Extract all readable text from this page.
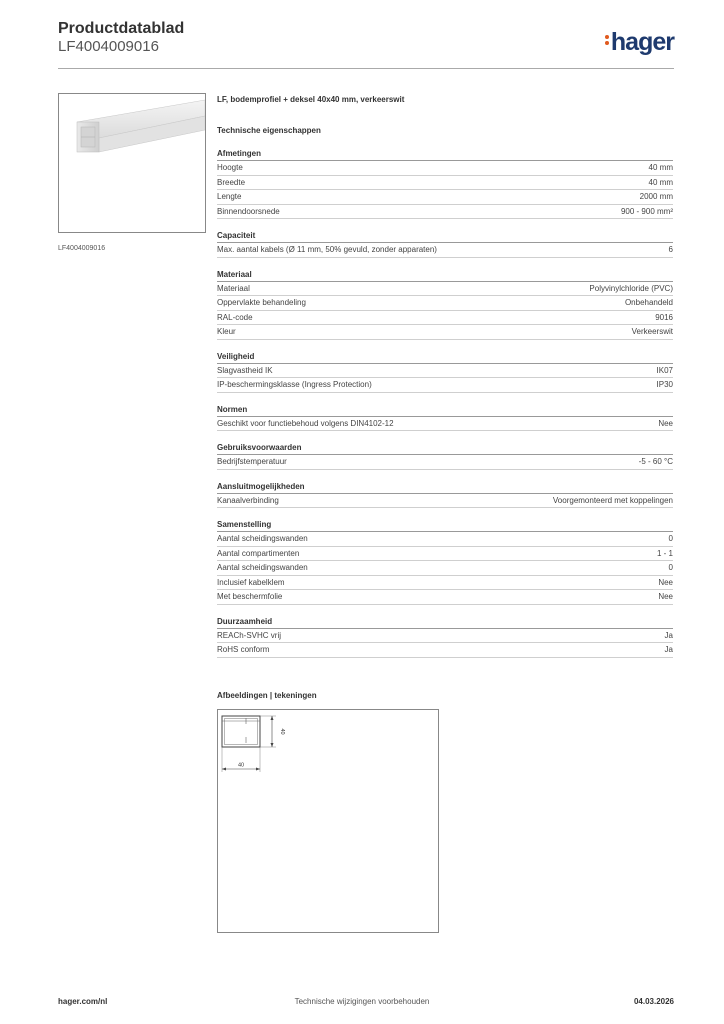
Productdatablad
LF4004009016	hager
LF4004009016
LF, bodemprofiel + deksel 40x40 mm, verkeerswit
Technische eigenschappen
Afmetingen
Hoogte	40 mm
Breedte	40 mm
Lengte	2000 mm
Binnendoorsnede	900 - 900 mm²
Capaciteit
Max. aantal kabels (Ø 11 mm, 50% gevuld, zonder apparaten)	6
Materiaal
Materiaal	Polyvinylchloride (PVC)
Oppervlakte behandeling	Onbehandeld
RAL-code	9016
Kleur	Verkeerswit
Veiligheid
Slagvastheid IK	IK07
IP-beschermingsklasse (Ingress Protection)	IP30
Normen
Geschikt voor functiebehoud volgens DIN4102-12	Nee
Gebruiksvoorwaarden
Bedrijfstemperatuur	-5 - 60 °C
Aansluitmogelijkheden
Kanaalverbinding	Voorgemonteerd met koppelingen
Samenstelling
Aantal scheidingswanden	0
Aantal compartimenten	1 - 1
Aantal scheidingswanden	0
Inclusief kabelklem	Nee
Met beschermfolie	Nee
Duurzaamheid
REACh-SVHC vrij	Ja
RoHS conform	Ja
Afbeeldingen | tekeningen
40
40
hager.com/nl	Technische wijzigingen voorbehouden	04.03.2026
